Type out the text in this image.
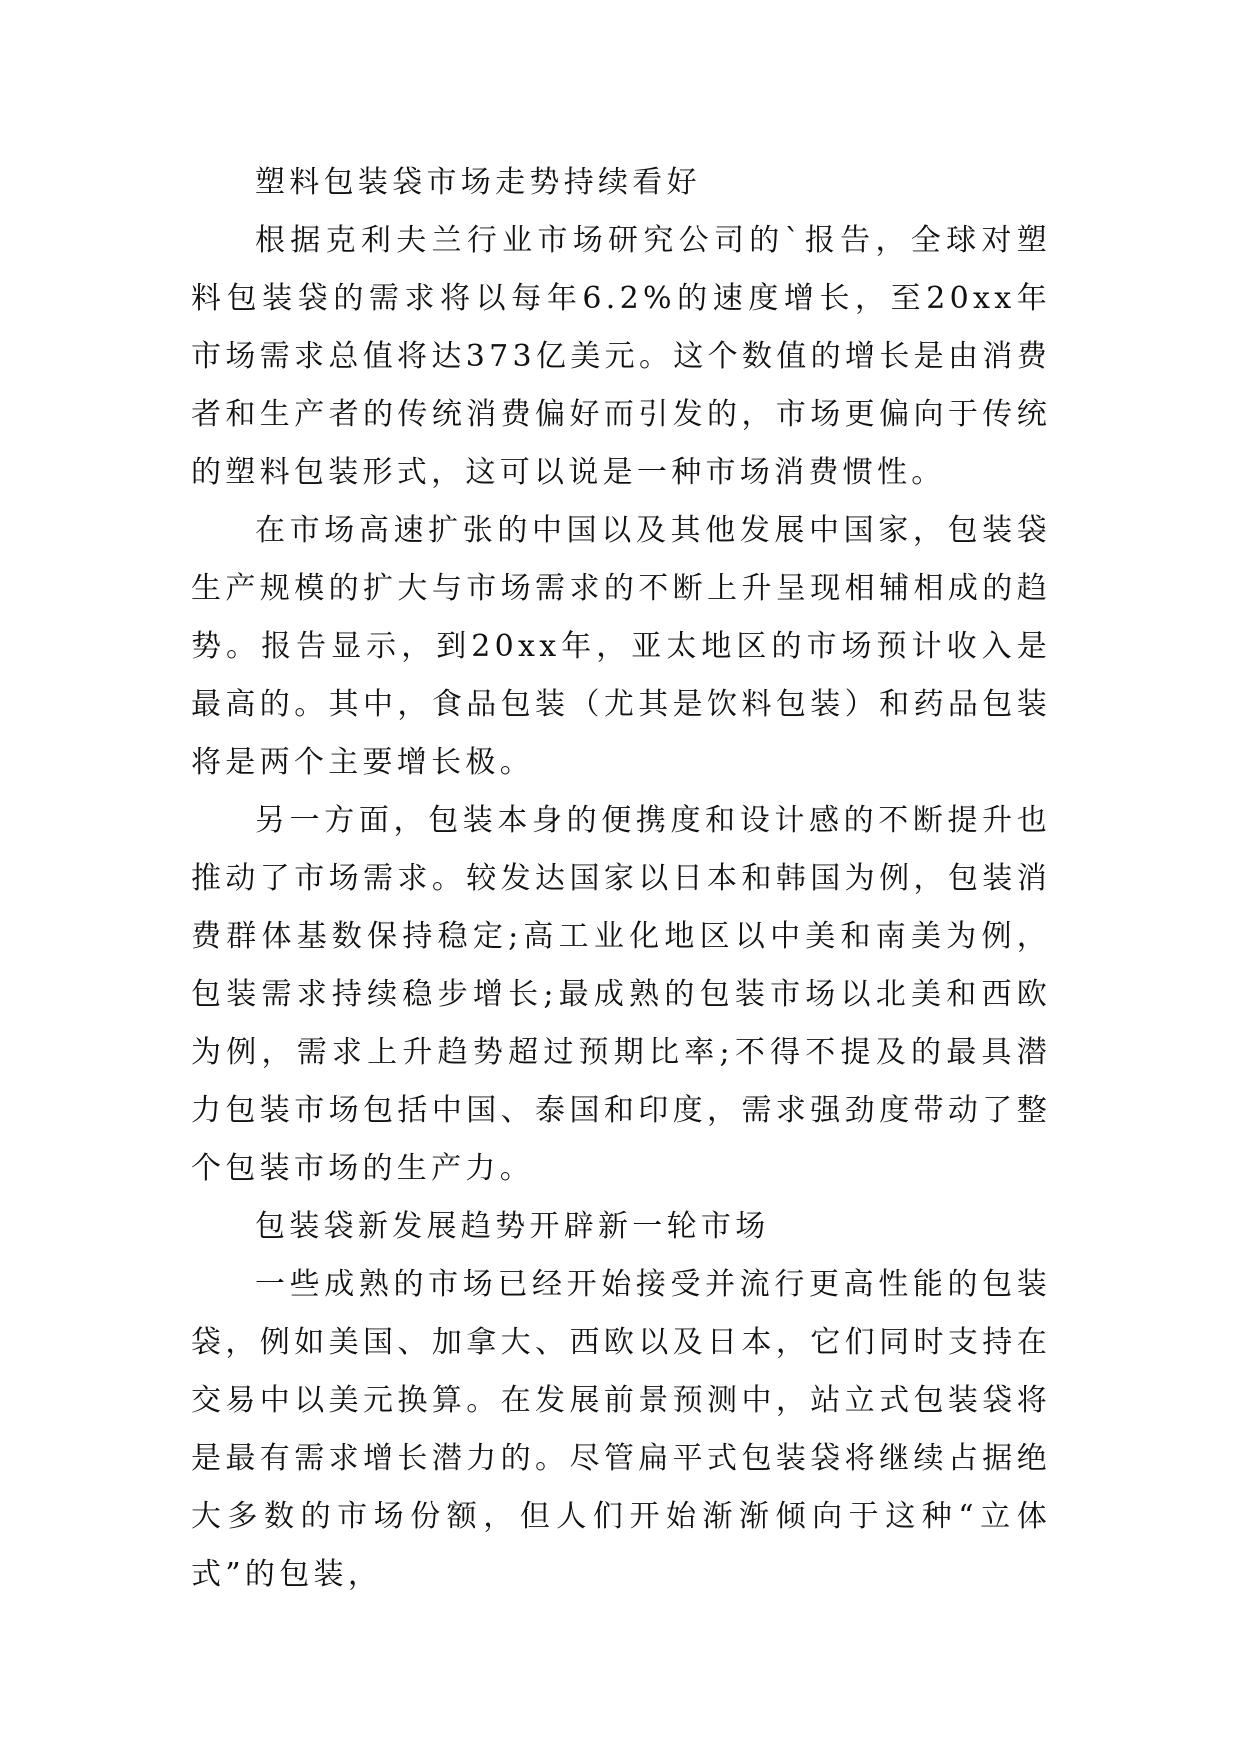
塑料包装袋市场走势持续看好

根据克利夫兰行业市场研究公司的`报告，全球对塑料包装袋的需求将以每年6.2%的速度增长，至20xx年市场需求总值将达373亿美元。这个数值的增长是由消费者和生产者的传统消费偏好而引发的，市场更偏向于传统的塑料包装形式，这可以说是一种市场消费惯性。

在市场高速扩张的中国以及其他发展中国家，包装袋生产规模的扩大与市场需求的不断上升呈现相辅相成的趋势。报告显示，到20xx年，亚太地区的市场预计收入是最高的。其中，食品包装（尤其是饮料包装）和药品包装将是两个主要增长极。

另一方面，包装本身的便携度和设计感的不断提升也推动了市场需求。较发达国家以日本和韩国为例，包装消费群体基数保持稳定;高工业化地区以中美和南美为例，包装需求持续稳步增长;最成熟的包装市场以北美和西欧为例，需求上升趋势超过预期比率;不得不提及的最具潜力包装市场包括中国、泰国和印度，需求强劲度带动了整个包装市场的生产力。

包装袋新发展趋势开辟新一轮市场

一些成熟的市场已经开始接受并流行更高性能的包装袋，例如美国、加拿大、西欧以及日本，它们同时支持在交易中以美元换算。在发展前景预测中，站立式包装袋将是最有需求增长潜力的。尽管扁平式包装袋将继续占据绝大多数的市场份额，但人们开始渐渐倾向于这种“立体式”的包装，
